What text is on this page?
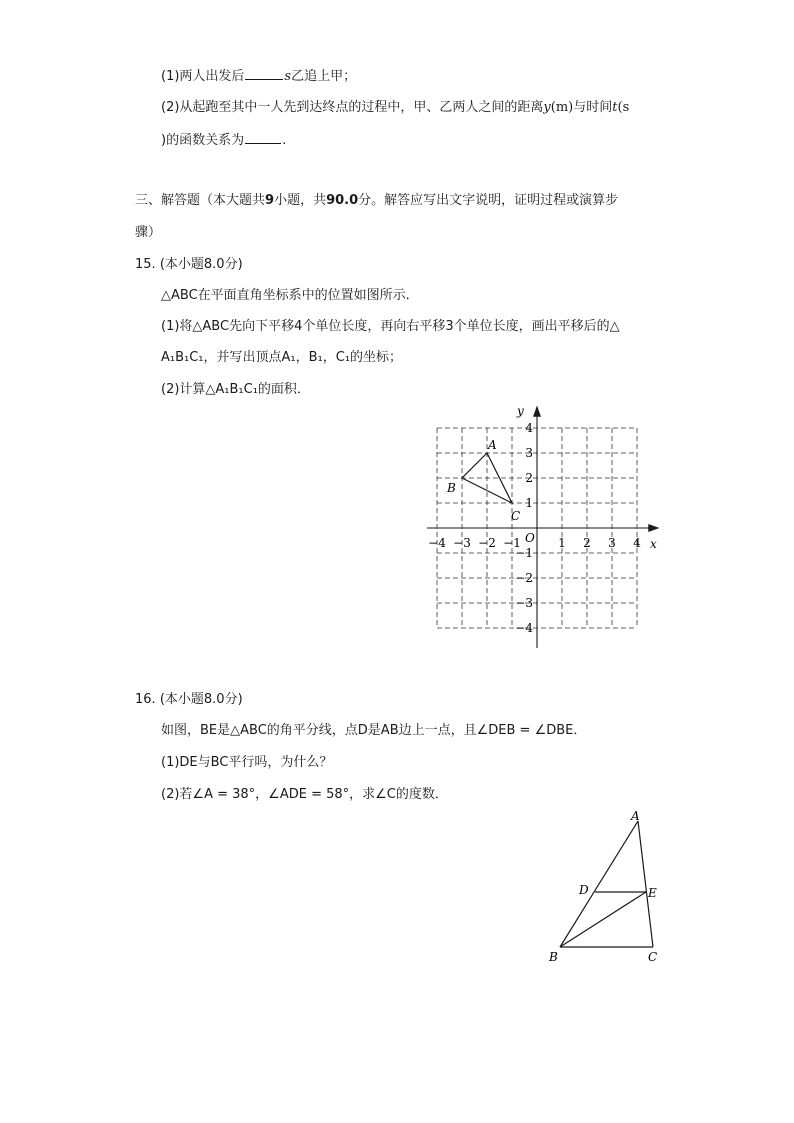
(1)两人出发后	s乙追上甲；
(2)从起跑至其中一人先到达终点的过程中，甲、乙两人之间的距离y(m)与时间t(s
)的函数关系为	.
三、解答题（本大题共9小题，共90.0分。解答应写出文字说明，证明过程或演算步
骤）
15. (本小题8.0分)
△ABC在平面直角坐标系中的位置如图所示．
(1)将△ABC先向下平移4个单位长度，再向右平移3个单位长度，画出平移后的△
A₁B₁C₁，并写出顶点A₁，B₁，C₁的坐标；
(2)计算△A₁B₁C₁的面积．
A
B
C
−4 −3 −2 −1	1 2 3 4
4
3
2
1
−1
−2
−3
−4
x
y
O
A
B	C
D	E
16. (本小题8.0分)
如图，BE是△ABC的角平分线，点D是AB边上一点，且∠DEB = ∠DBE．
(1)DE与BC平行吗，为什么？
(2)若∠A = 38°，∠ADE = 58°，求∠C的度数．
